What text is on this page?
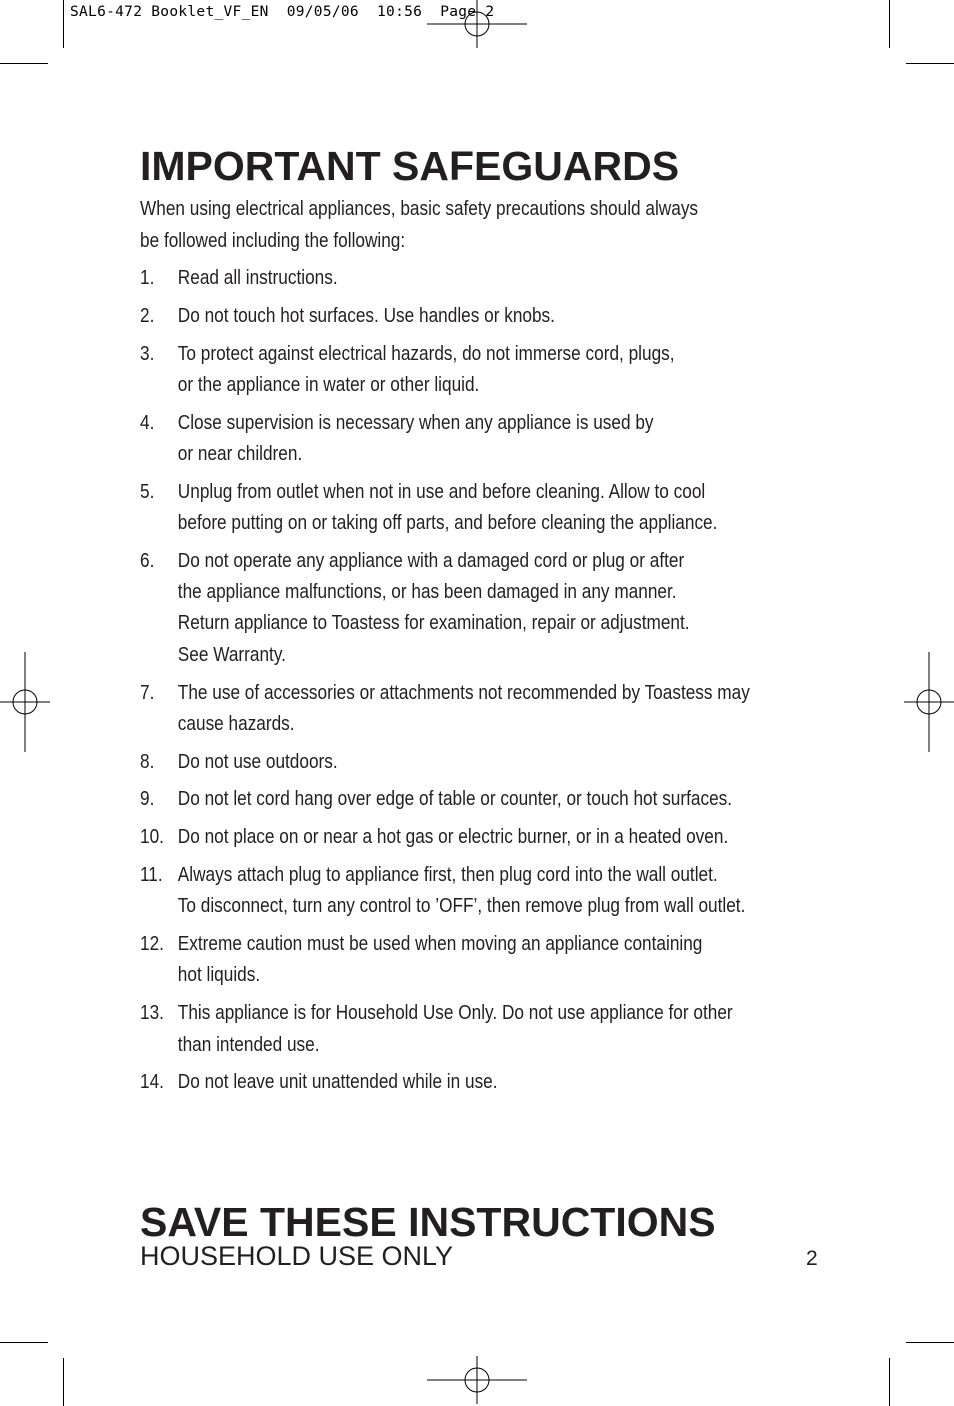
SAL6-472 Booklet_VF_EN  09/05/06  10:56  Page 2
IMPORTANT SAFEGUARDS

When using electrical appliances, basic safety precautions should always
be followed including the following:

1.	Read all instructions.
2.	Do not touch hot surfaces. Use handles or knobs.
3.	To protect against electrical hazards, do not immerse cord, plugs,
or the appliance in water or other liquid.
4.	Close supervision is necessary when any appliance is used by
or near children.
5.	Unplug from outlet when not in use and before cleaning. Allow to cool
before putting on or taking off parts, and before cleaning the appliance.
6.	Do not operate any appliance with a damaged cord or plug or after
the appliance malfunctions, or has been damaged in any manner.
Return appliance to Toastess for examination, repair or adjustment.
See Warranty.
7.	The use of accessories or attachments not recommended by Toastess may
cause hazards.
8.	Do not use outdoors.
9.	Do not let cord hang over edge of table or counter, or touch hot surfaces.
10. Do not place on or near a hot gas or electric burner, or in a heated oven.
11. Always attach plug to appliance first, then plug cord into the wall outlet.
To disconnect, turn any control to ’OFF’, then remove plug from wall outlet.
12. Extreme caution must be used when moving an appliance containing
hot liquids.
13. This appliance is for Household Use Only. Do not use appliance for other
than intended use.
14. Do not leave unit unattended while in use.
SAVE THESE INSTRUCTIONS
HOUSEHOLD USE ONLY	2
